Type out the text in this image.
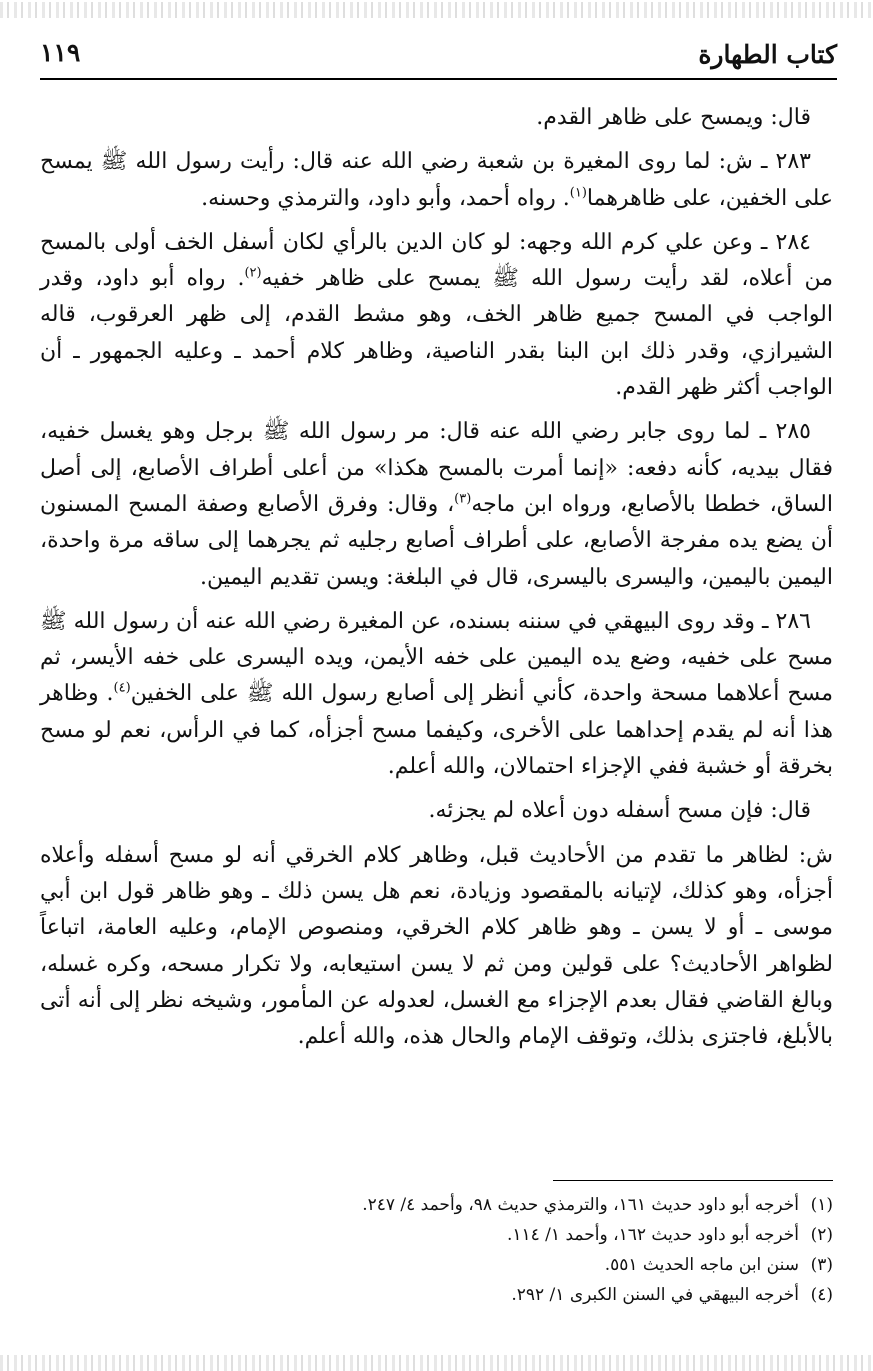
كتاب الطهارة
١١٩

قال: ويمسح على ظاهر القدم.

٢٨٣ ـ ش: لما روى المغيرة بن شعبة رضي الله عنه قال: رأيت رسول الله ﷺ يمسح على الخفين، على ظاهرهما$^{(١)}$. رواه أحمد، وأبو داود، والترمذي وحسنه.

٢٨٤ ـ وعن علي كرم الله وجهه: لو كان الدين بالرأي لكان أسفل الخف أولى بالمسح من أعلاه، لقد رأيت رسول الله ﷺ يمسح على ظاهر خفيه$^{(٢)}$. رواه أبو داود، وقدر الواجب في المسح جميع ظاهر الخف، وهو مشط القدم، إلى ظهر العرقوب، قاله الشيرازي، وقدر ذلك ابن البنا بقدر الناصية، وظاهر كلام أحمد ـ وعليه الجمهور ـ أن الواجب أكثر ظهر القدم.

٢٨٥ ـ لما روى جابر رضي الله عنه قال: مر رسول الله ﷺ برجل وهو يغسل خفيه، فقال بيديه، كأنه دفعه: «إنما أمرت بالمسح هكذا» من أعلى أطراف الأصابع، إلى أصل الساق، خططا بالأصابع، ورواه ابن ماجه$^{(٣)}$، وقال: وفرق الأصابع وصفة المسح المسنون أن يضع يده مفرجة الأصابع، على أطراف أصابع رجليه ثم يجرهما إلى ساقه مرة واحدة، اليمين باليمين، واليسرى باليسرى، قال في البلغة: ويسن تقديم اليمين.

٢٨٦ ـ وقد روى البيهقي في سننه بسنده، عن المغيرة رضي الله عنه أن رسول الله ﷺ مسح على خفيه، وضع يده اليمين على خفه الأيمن، ويده اليسرى على خفه الأيسر، ثم مسح أعلاهما مسحة واحدة، كأني أنظر إلى أصابع رسول الله ﷺ على الخفين$^{(٤)}$. وظاهر هذا أنه لم يقدم إحداهما على الأخرى، وكيفما مسح أجزأه، كما في الرأس، نعم لو مسح بخرقة أو خشبة ففي الإجزاء احتمالان، والله أعلم.

قال: فإن مسح أسفله دون أعلاه لم يجزئه.

ش: لظاهر ما تقدم من الأحاديث قبل، وظاهر كلام الخرقي أنه لو مسح أسفله وأعلاه أجزأه، وهو كذلك، لإتيانه بالمقصود وزيادة، نعم هل يسن ذلك ـ وهو ظاهر قول ابن أبي موسى ـ أو لا يسن ـ وهو ظاهر كلام الخرقي، ومنصوص الإمام، وعليه العامة، اتباعاً لظواهر الأحاديث؟ على قولين ومن ثم لا يسن استيعابه، ولا تكرار مسحه، وكره غسله، وبالغ القاضي فقال بعدم الإجزاء مع الغسل، لعدوله عن المأمور، وشيخه نظر إلى أنه أتى بالأبلغ، فاجتزى بذلك، وتوقف الإمام والحال هذه، والله أعلم.

(١)أخرجه أبو داود حديث ١٦١، والترمذي حديث ٩٨، وأحمد ٤/ ٢٤٧.

(٢)أخرجه أبو داود حديث ١٦٢، وأحمد ١/ ١١٤.

(٣)سنن ابن ماجه الحديث ٥٥١.

(٤)أخرجه البيهقي في السنن الكبرى ١/ ٢٩٢.
